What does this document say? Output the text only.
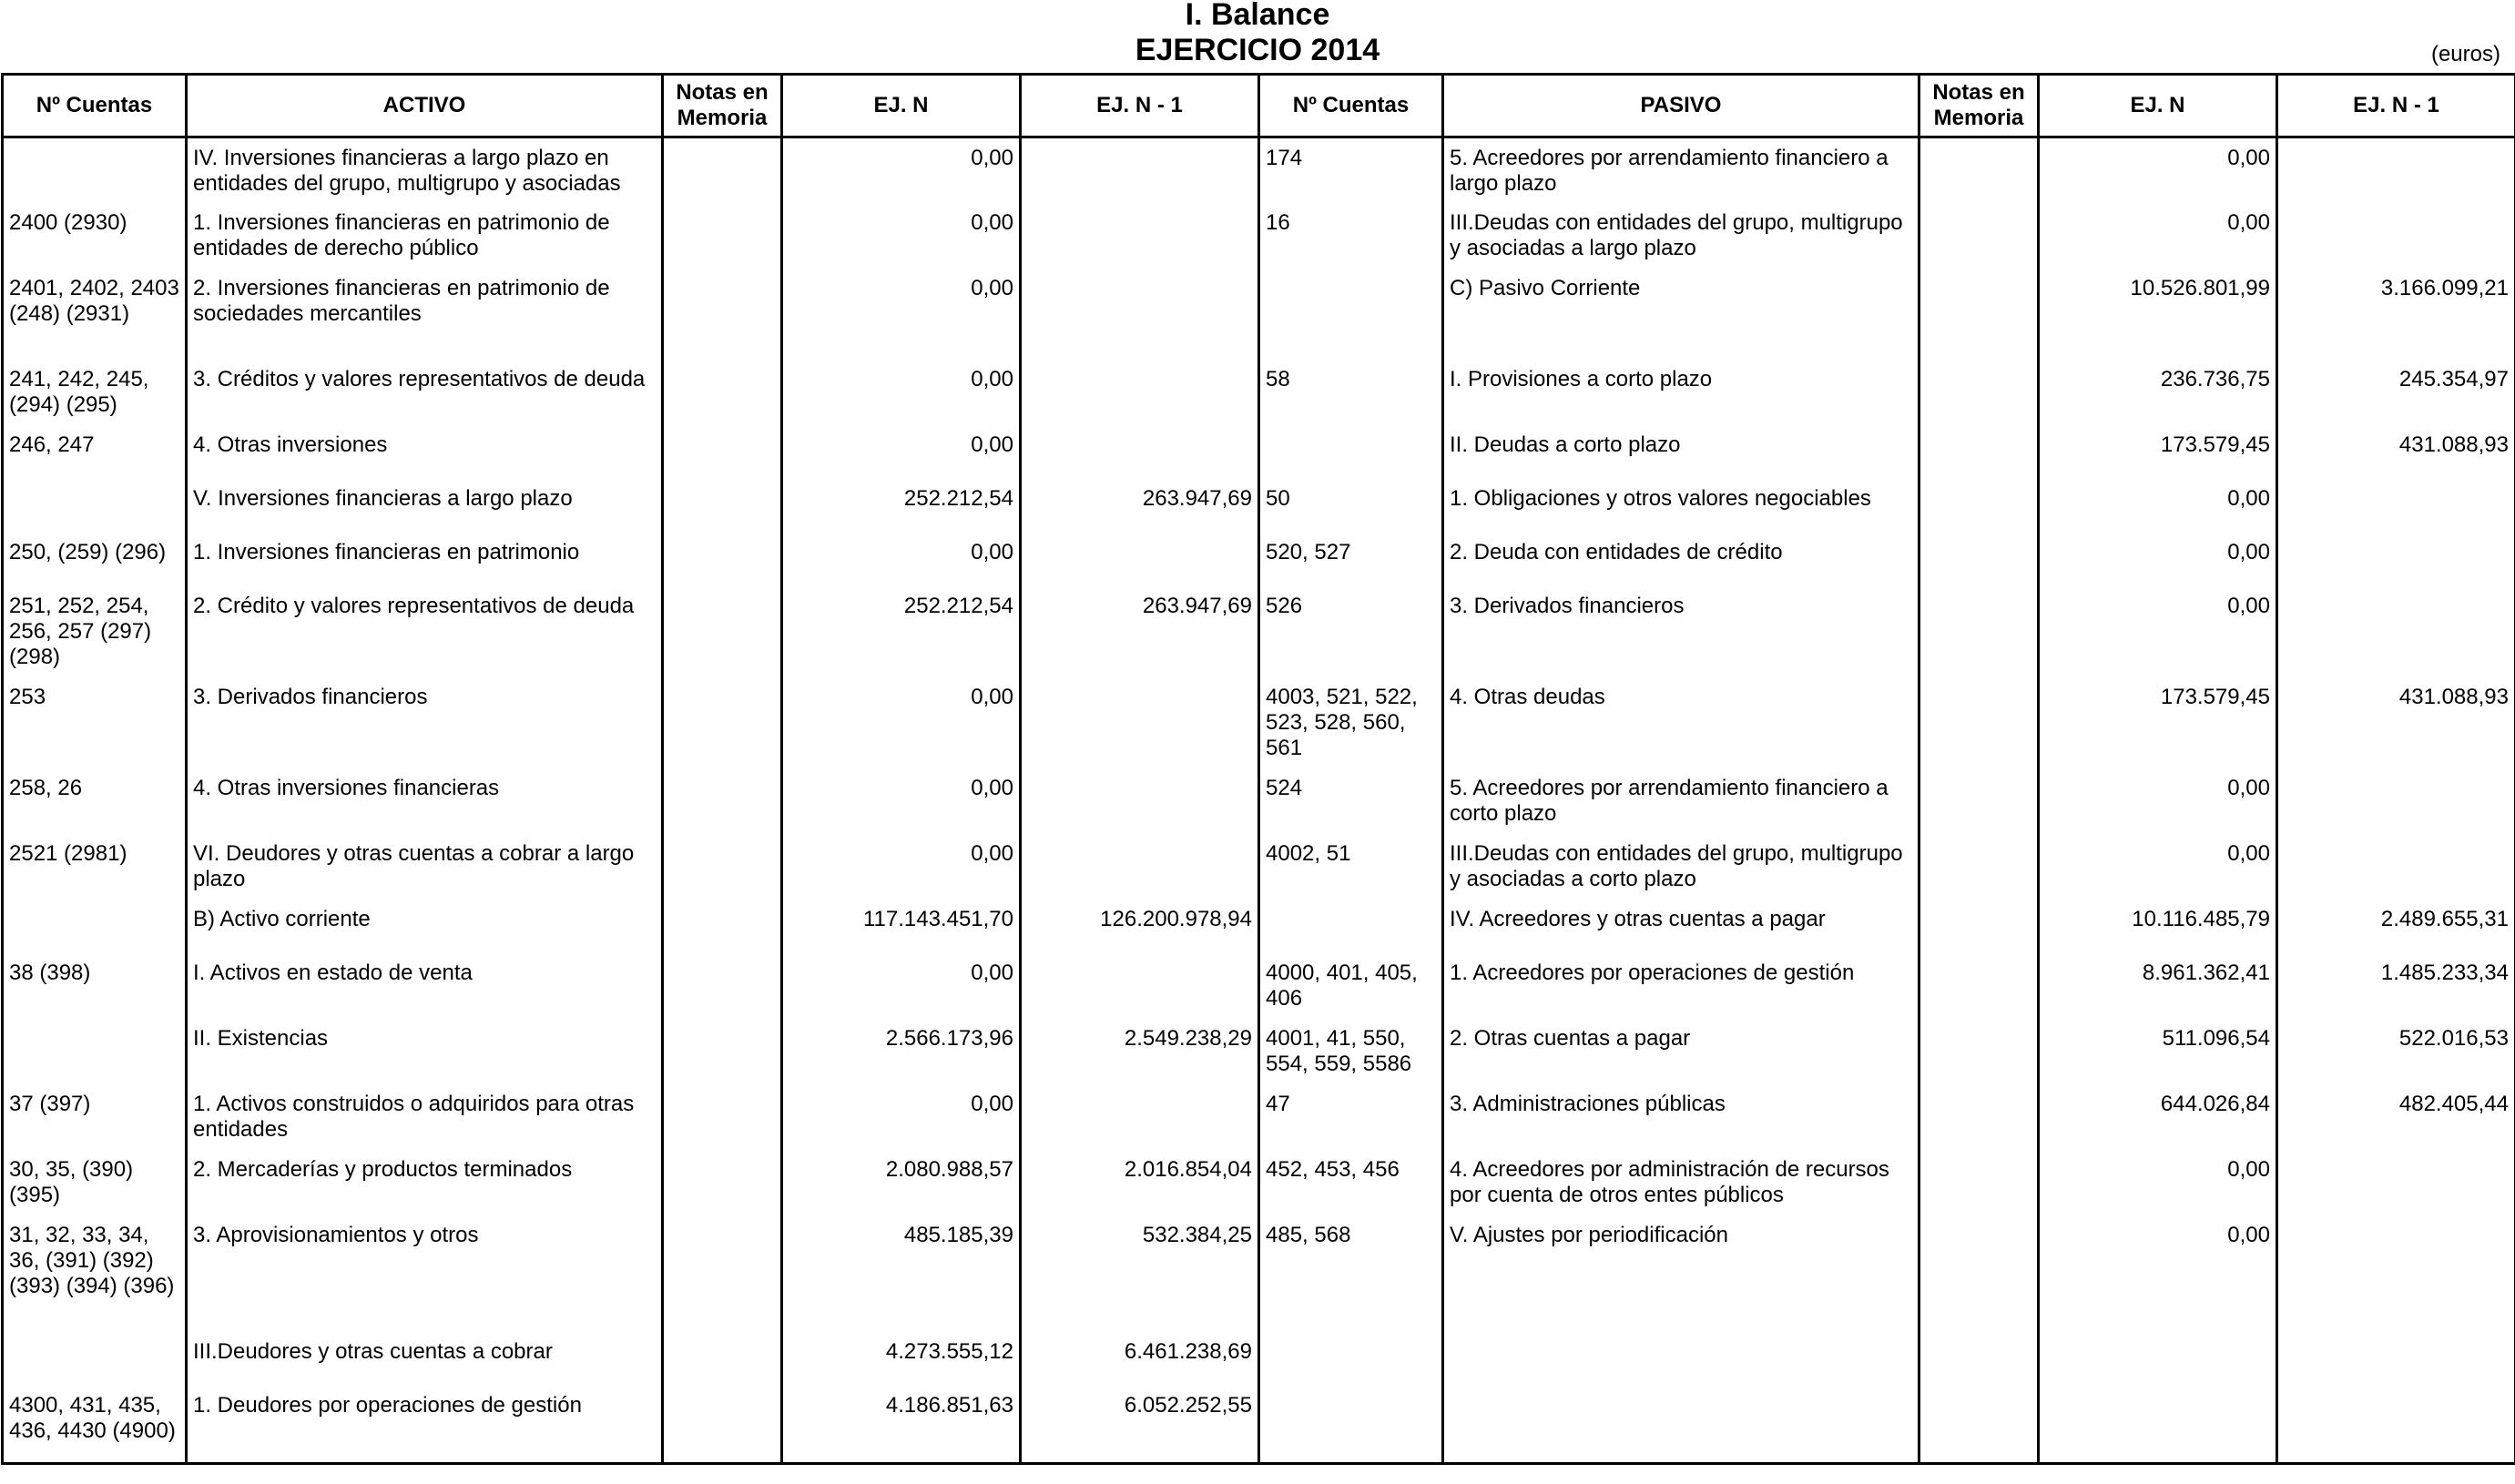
I. Balance
EJERCICIO 2014	(euros)
Nº Cuentas	ACTIVO	Notas en Memoria	EJ. N	EJ. N - 1	Nº Cuentas	PASIVO	Notas en Memoria	EJ. N	EJ. N - 1
	IV. Inversiones financieras a largo plazo en entidades del grupo, multigrupo y asociadas		0,00		174	5. Acreedores por arrendamiento financiero a largo plazo		0,00	
2400 (2930)	1. Inversiones financieras en patrimonio de entidades de derecho público		0,00		16	III.Deudas con entidades del grupo, multigrupo y asociadas a largo plazo		0,00	
2401, 2402, 2403 (248) (2931)	2. Inversiones financieras en patrimonio de sociedades mercantiles		0,00			C) Pasivo Corriente		10.526.801,99	3.166.099,21
241, 242, 245, (294) (295)	3. Créditos y valores representativos de deuda		0,00		58	I. Provisiones a corto plazo		236.736,75	245.354,97
246, 247	4. Otras inversiones		0,00			II. Deudas a corto plazo		173.579,45	431.088,93
	V. Inversiones financieras a largo plazo		252.212,54	263.947,69	50	1. Obligaciones y otros valores negociables		0,00	
250, (259) (296)	1. Inversiones financieras en patrimonio		0,00		520, 527	2. Deuda con entidades de crédito		0,00	
251, 252, 254, 256, 257 (297) (298)	2. Crédito y valores representativos de deuda		252.212,54	263.947,69	526	3. Derivados financieros		0,00	
253	3. Derivados financieros		0,00		4003, 521, 522, 523, 528, 560, 561	4. Otras deudas		173.579,45	431.088,93
258, 26	4. Otras inversiones financieras		0,00		524	5. Acreedores por arrendamiento financiero a corto plazo		0,00	
2521 (2981)	VI. Deudores y otras cuentas a cobrar a largo plazo		0,00		4002, 51	III.Deudas con entidades del grupo, multigrupo y asociadas a corto plazo		0,00	
	B) Activo corriente		117.143.451,70	126.200.978,94		IV. Acreedores y otras cuentas a pagar		10.116.485,79	2.489.655,31
38 (398)	I. Activos en estado de venta		0,00		4000, 401, 405, 406	1. Acreedores por operaciones de gestión		8.961.362,41	1.485.233,34
	II. Existencias		2.566.173,96	2.549.238,29	4001, 41, 550, 554, 559, 5586	2. Otras cuentas a pagar		511.096,54	522.016,53
37 (397)	1. Activos construidos o adquiridos para otras entidades		0,00		47	3. Administraciones públicas		644.026,84	482.405,44
30, 35, (390) (395)	2. Mercaderías y productos terminados		2.080.988,57	2.016.854,04	452, 453, 456	4. Acreedores por administración de recursos por cuenta de otros entes públicos		0,00	
31, 32, 33, 34, 36, (391) (392) (393) (394) (396)	3. Aprovisionamientos y otros		485.185,39	532.384,25	485, 568	V. Ajustes por periodificación		0,00	
	III.Deudores y otras cuentas a cobrar		4.273.555,12	6.461.238,69					
4300, 431, 435, 436, 4430 (4900)	1. Deudores por operaciones de gestión		4.186.851,63	6.052.252,55					
